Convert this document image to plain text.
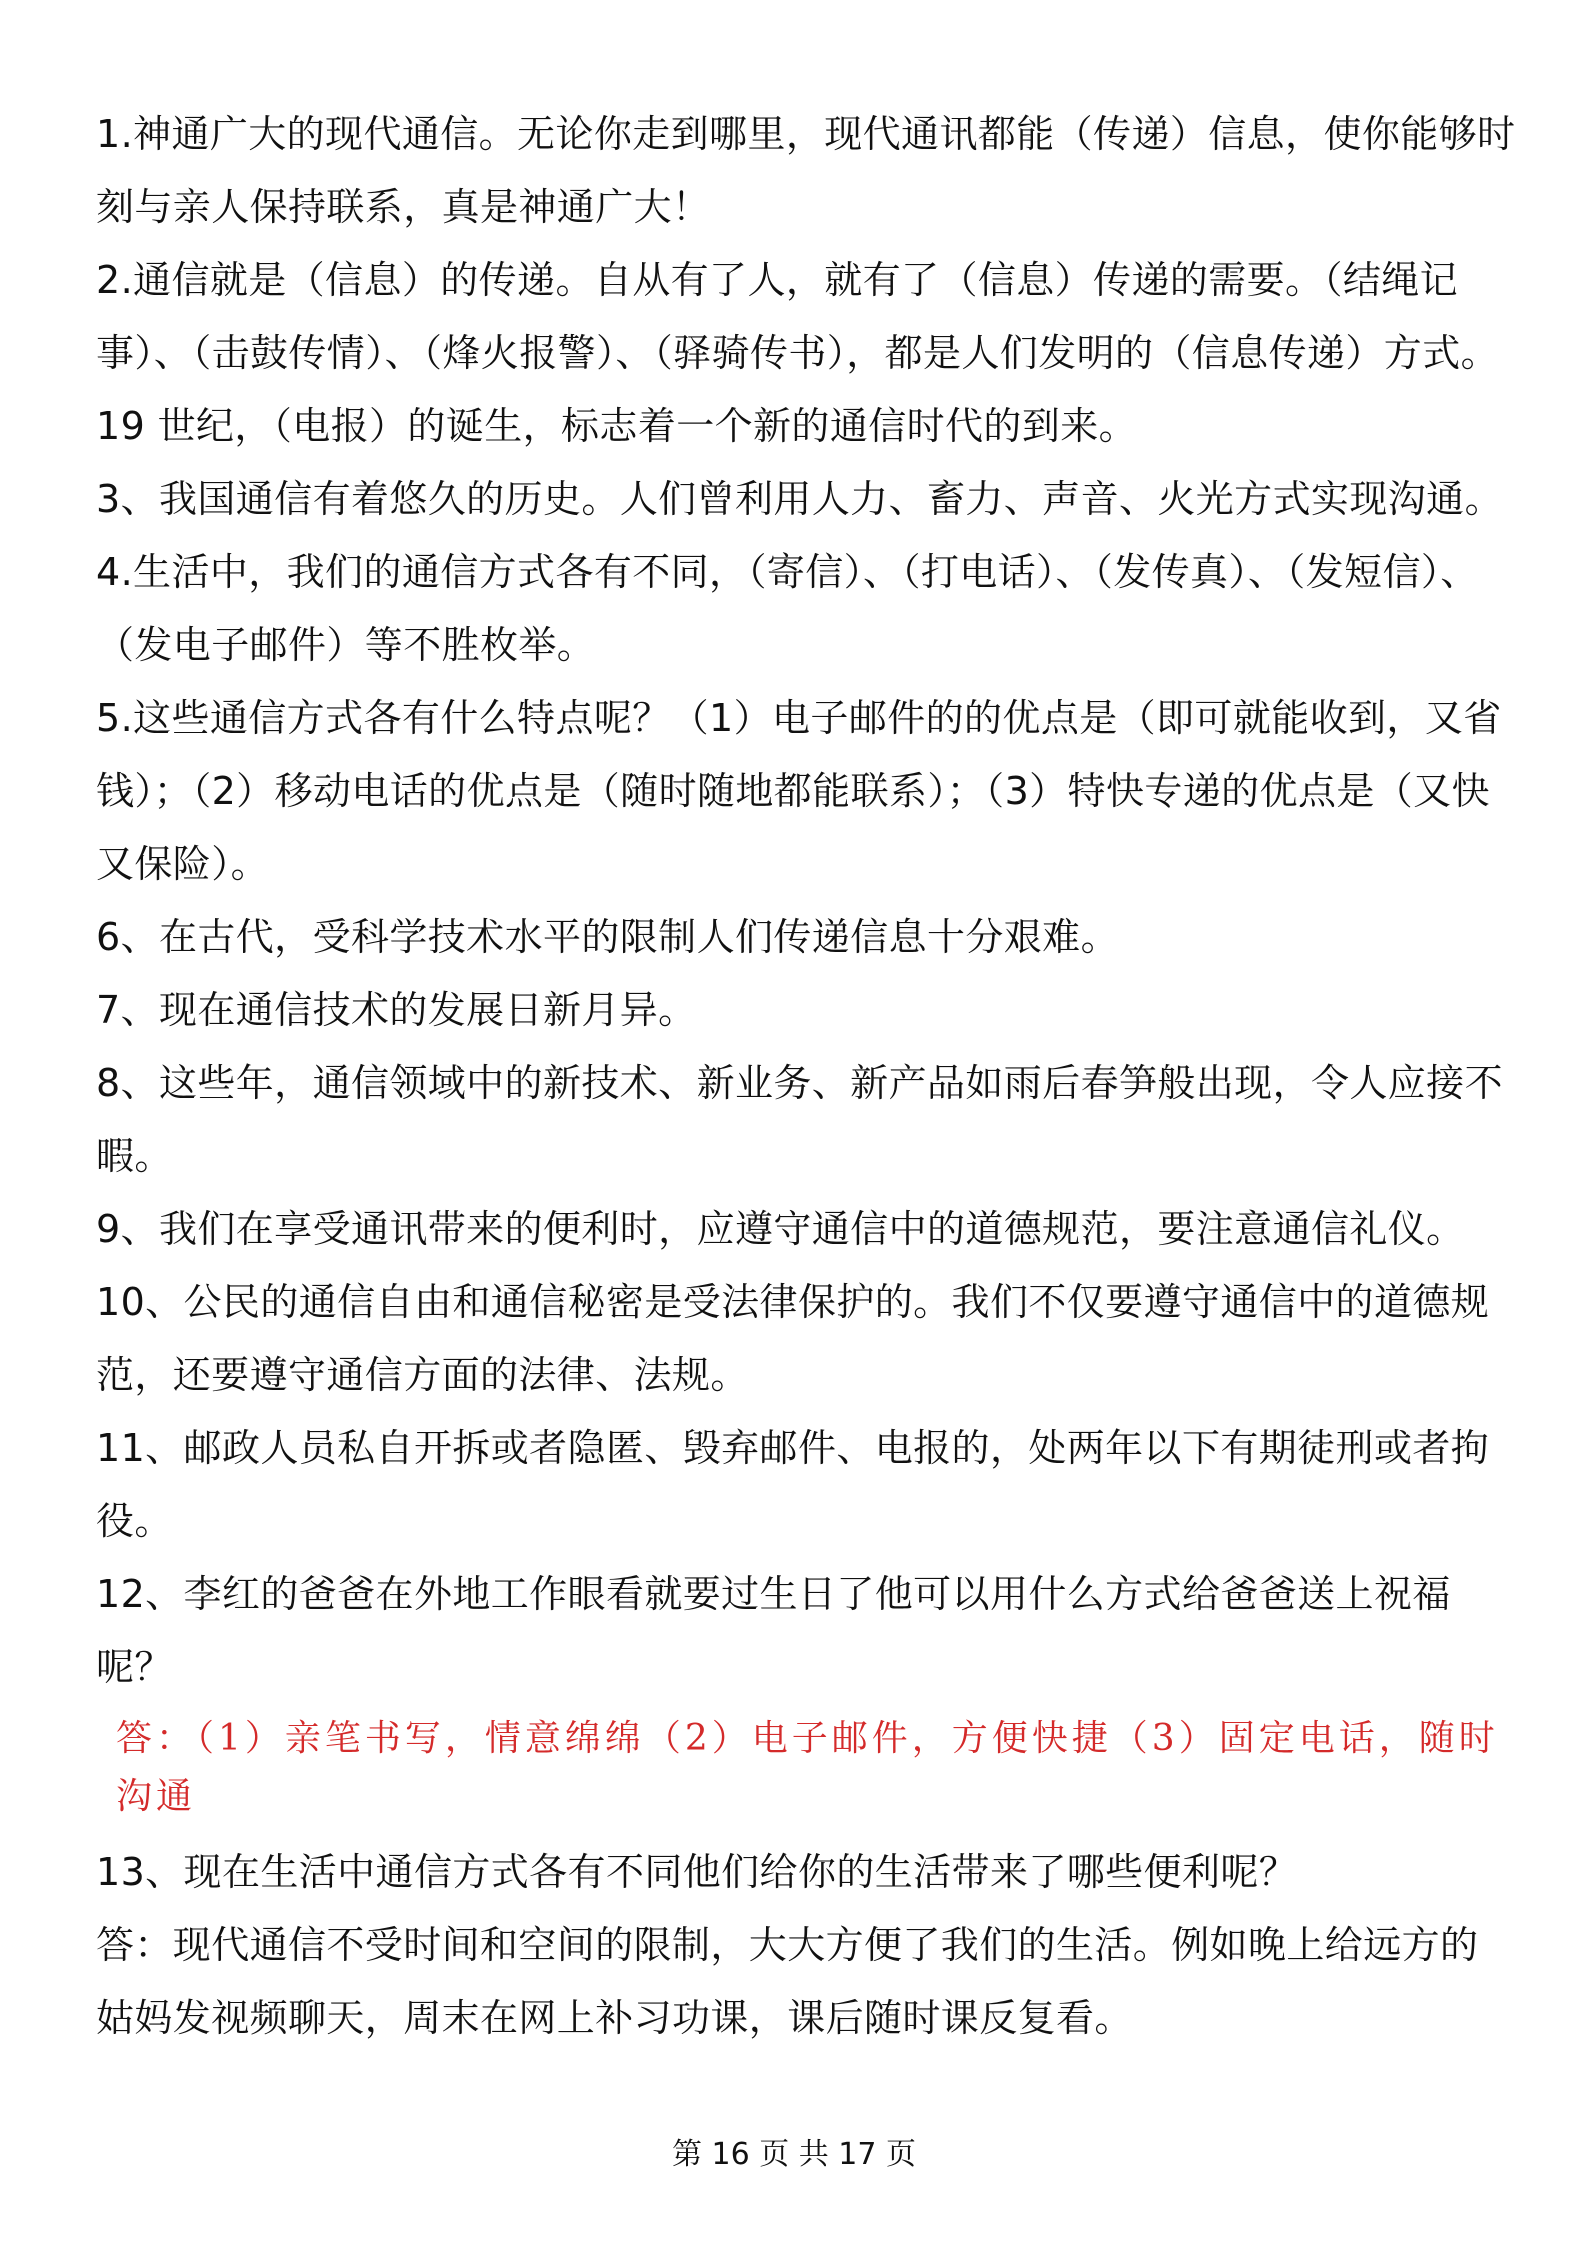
1.神通广大的现代通信。无论你走到哪里，现代通讯都能（传递）信息，使你能够时刻与亲人保持联系，真是神通广大！

2.通信就是（信息）的传递。自从有了人，就有了（信息）传递的需要。（结绳记事）、（击鼓传情）、（烽火报警）、（驿骑传书），都是人们发明的（信息传递）方式。19 世纪，（电报）的诞生，标志着一个新的通信时代的到来。

3、我国通信有着悠久的历史。人们曾利用人力、畜力、声音、火光方式实现沟通。

4.生活中，我们的通信方式各有不同，（寄信）、（打电话）、（发传真）、（发短信）、（发电子邮件）等不胜枚举。

5.这些通信方式各有什么特点呢？（1）电子邮件的的优点是（即可就能收到，又省钱）；（2）移动电话的优点是（随时随地都能联系）；（3）特快专递的优点是（又快又保险）。

6、在古代，受科学技术水平的限制人们传递信息十分艰难。

7、现在通信技术的发展日新月异。

8、这些年，通信领域中的新技术、新业务、新产品如雨后春笋般出现，令人应接不暇。

9、我们在享受通讯带来的便利时，应遵守通信中的道德规范，要注意通信礼仪。

10、公民的通信自由和通信秘密是受法律保护的。我们不仅要遵守通信中的道德规范，还要遵守通信方面的法律、法规。

11、邮政人员私自开拆或者隐匿、毁弃邮件、电报的，处两年以下有期徒刑或者拘役。

12、李红的爸爸在外地工作眼看就要过生日了他可以用什么方式给爸爸送上祝福呢？

答：（1）亲笔书写，情意绵绵（2）电子邮件，方便快捷（3）固定电话，随时沟通

13、现在生活中通信方式各有不同他们给你的生活带来了哪些便利呢？

答：现代通信不受时间和空间的限制，大大方便了我们的生活。例如晚上给远方的姑妈发视频聊天，周末在网上补习功课，课后随时课反复看。

第 16 页 共 17 页
